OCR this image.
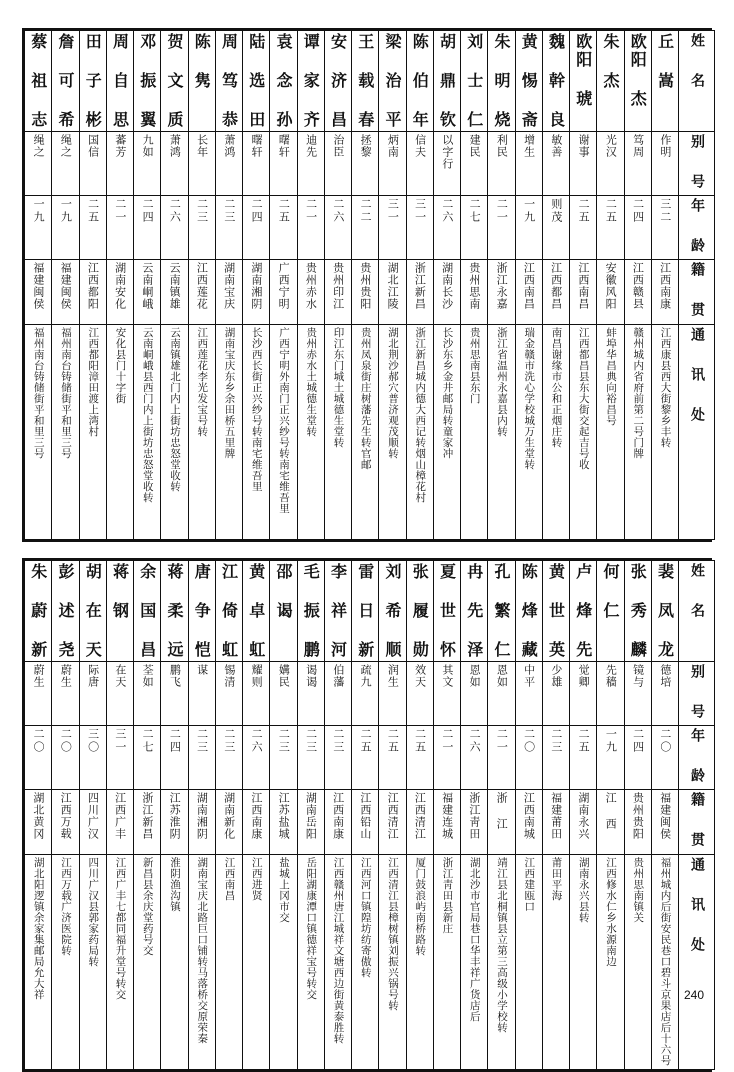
姓 名	丘 嵩	欧阳 杰	朱 杰	欧阳 琥	魏 幹 良	黄 惕 斋	朱 明 烧	刘 士 仁	胡 鼎 钦	陈 伯 年	梁 治 平	王 载 春	安 济 昌	谭 家 齐	袁 念 孙	陆 选 田	周 笃 恭	陈 隽	贺 文 质	邓 振 翼	周 自 思	田 子 彬	詹 可 希	蔡 祖 志

别 号	作明	笃周	光汉	谢事	敏善	增生	利民	建民	以字行	信夫	炳南	拯黎	治臣	迪先	曙轩	曙轩	萧鸿	长年	萧鸿	九如	蕃芳	国信	绳之	绳之

年 龄	三二	二四	二五	二五	则茂	一九	二一	二七	二六	三一	三一	二二	二六	二一	二五	二四	二三	二三	二六	二四	二一	二五	一九	一九

籍 贯	江西南康	江西赣县	安徽风阳	江西南昌	江西都昌	江西南昌	浙江永嘉	贵州思南	湖南长沙	浙江新昌	湖北江陵	贵州贵阳	贵州印江	贵州赤水	广西宁明	湖南湘阴	湖南宝庆	江西莲花	云南镇雄	云南峒峨	湖南安化	江西都阳	福建闽侯	福建闽侯

通 讯 处	江西康县西大街黎乡丰转	赣州城内省府前第二号门牌	蚌埠华昌典向裕昌号	江西都昌县东大街交起吉号收	南昌谢缘市公和正烟庄转	瑞金赣市洗心学校城万生堂转	浙江省温州永嘉县内转	贵州思南县东门	长沙东乡金井邮局转童家冲	浙江新昌城内德大西记转烟山樟花村	湖北荆沙郝穴普济观茂顺转	贵州凤泉街庄树藩先生转官邮	印江东门城土城德生堂转	贵州赤水土城德生堂转	广西宁明外南门正兴纱号转南宅维吾里	长沙西长街正兴纱号转南宅维吾里	湖南宝庆东乡余田桥五里牌	江西莲花李光发宝号转	云南镇雄北门内上街坊忠怒堂收转	云南峒峨县西门内上街坊忠怒堂收转	安化县门十字街	江西都阳漳田渡上湾村	福州南台铸储街平和里三号	福州南台铸储街平和里三号
姓 名	裴 凤 龙	张 秀 麟	何 仁	卢 烽 先	黄 世 英	陈 烽 藏	孔 繁 仁	冉 先 泽	夏 世 怀	张 履 勋	刘 希 顺	雷 日 新	李 祥 河	毛 振 鹏	邵 谒	黄 卓 虹	江 倚 虹	唐 争 恺	蒋 柔 远	余 国 昌	蒋 钢	胡 在 天	彭 述 尧	朱 蔚 新

别 号	德培	镜与	先穑	觉卿	少雄	中平	恩如	恩如	其文	效天	润生	疏九	伯藩	谒谒	媾民	耀则	锡清	谋	鹏飞	荃如	在天	际唐	蔚生	蔚生

年 龄	二〇	二四	一九	二五	二三	二〇	二一	二六	二一	二五	二五	二五	二三	二三	二三	二六	二三	二三	二四	二七	三一	三〇	二〇	二〇

籍 贯	福建闽侯	贵州贵阳	江 西	湖南永兴	福建莆田	江西南城	浙 江	浙江靑田	福建连城	江西清江	江西清江	江西铅山	江西南康	湖南岳阳	江苏盐城	江西南康	湖南新化	湖南湘阴	江苏淮阴	浙江新昌	江西广丰	四川广汉	江西万载	湖北黄冈

通 讯 处	福州城内后街安民巷口碧斗京果店后十六号	贵州思南镇关	江西修水仁乡水源南边	湖南永兴县转	莆田平海	江西建瓯口	靖江县北桐镇县立第三高级小学校转	湖北沙市官局巷口华丰祥广货店后	浙江靑田县新庄	厦门鼓浪屿南桥路转	江西清江县樟树镇刘振兴锅号转	江西河口镇隍坊纺寄傲转	江西赣州唐江城祥文塘西边街黄泰胜转	岳阳湖康潭口镇德祥宝号转交	盐城上冈市交	江西进贤	江西南昌	湖南宝庆北路巨口铺转马落桥交原荣秦	淮阴渔沟镇	新昌县余庆堂药号交	江西广丰七都同福升堂号转交	四川广汉县郭家药局转	江西万载广济医院转	湖北阳逻镇余家集邮局允大祥	240
